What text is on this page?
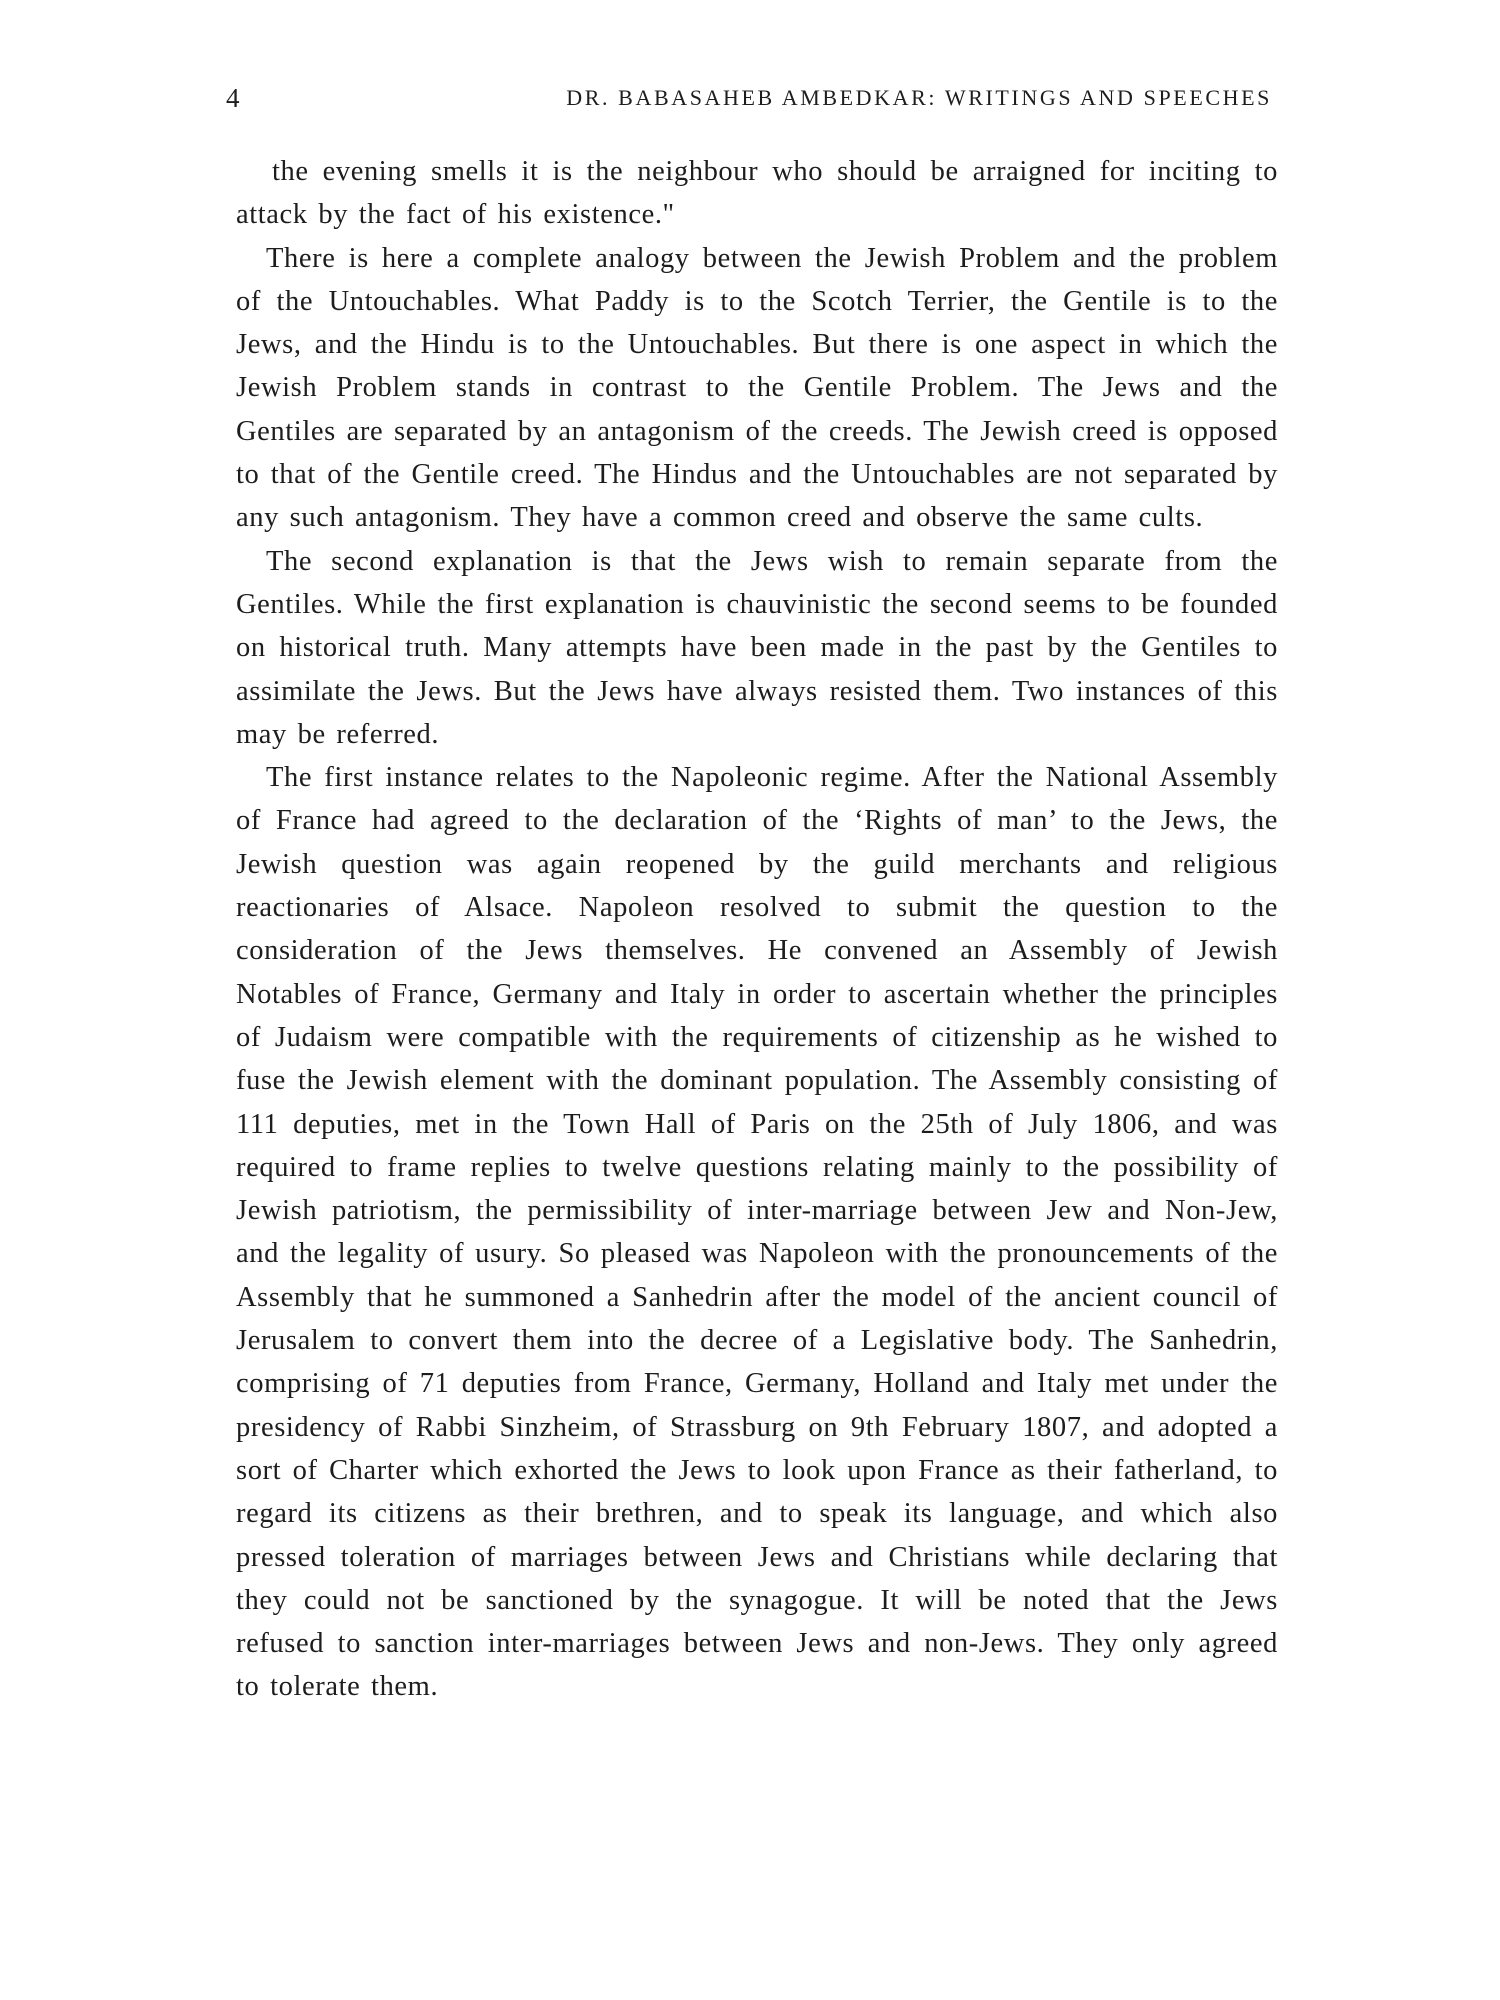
4	DR. BABASAHEB AMBEDKAR: WRITINGS AND SPEECHES

the evening smells it is the neighbour who should be arraigned for inciting to attack by the fact of his existence."

There is here a complete analogy between the Jewish Problem and the problem of the Untouchables. What Paddy is to the Scotch Terrier, the Gentile is to the Jews, and the Hindu is to the Untouchables. But there is one aspect in which the Jewish Problem stands in contrast to the Gentile Problem. The Jews and the Gentiles are separated by an antagonism of the creeds. The Jewish creed is opposed to that of the Gentile creed. The Hindus and the Untouchables are not separated by any such antagonism. They have a common creed and observe the same cults.

The second explanation is that the Jews wish to remain separate from the Gentiles. While the first explanation is chauvinistic the second seems to be founded on historical truth. Many attempts have been made in the past by the Gentiles to assimilate the Jews. But the Jews have always resisted them. Two instances of this may be referred.

The first instance relates to the Napoleonic regime. After the National Assembly of France had agreed to the declaration of the ‘Rights of man’ to the Jews, the Jewish question was again reopened by the guild merchants and religious reactionaries of Alsace. Napoleon resolved to submit the question to the consideration of the Jews themselves. He convened an Assembly of Jewish Notables of France, Germany and Italy in order to ascertain whether the principles of Judaism were compatible with the requirements of citizenship as he wished to fuse the Jewish element with the dominant population. The Assembly consisting of 111 deputies, met in the Town Hall of Paris on the 25th of July 1806, and was required to frame replies to twelve questions relating mainly to the possibility of Jewish patriotism, the permissibility of inter-marriage between Jew and Non-Jew, and the legality of usury. So pleased was Napoleon with the pronouncements of the Assembly that he summoned a Sanhedrin after the model of the ancient council of Jerusalem to convert them into the decree of a Legislative body. The Sanhedrin, comprising of 71 deputies from France, Germany, Holland and Italy met under the presidency of Rabbi Sinzheim, of Strassburg on 9th February 1807, and adopted a sort of Charter which exhorted the Jews to look upon France as their fatherland, to regard its citizens as their brethren, and to speak its language, and which also pressed toleration of marriages between Jews and Christians while declaring that they could not be sanctioned by the synagogue. It will be noted that the Jews refused to sanction inter-marriages between Jews and non-Jews. They only agreed to tolerate them.
